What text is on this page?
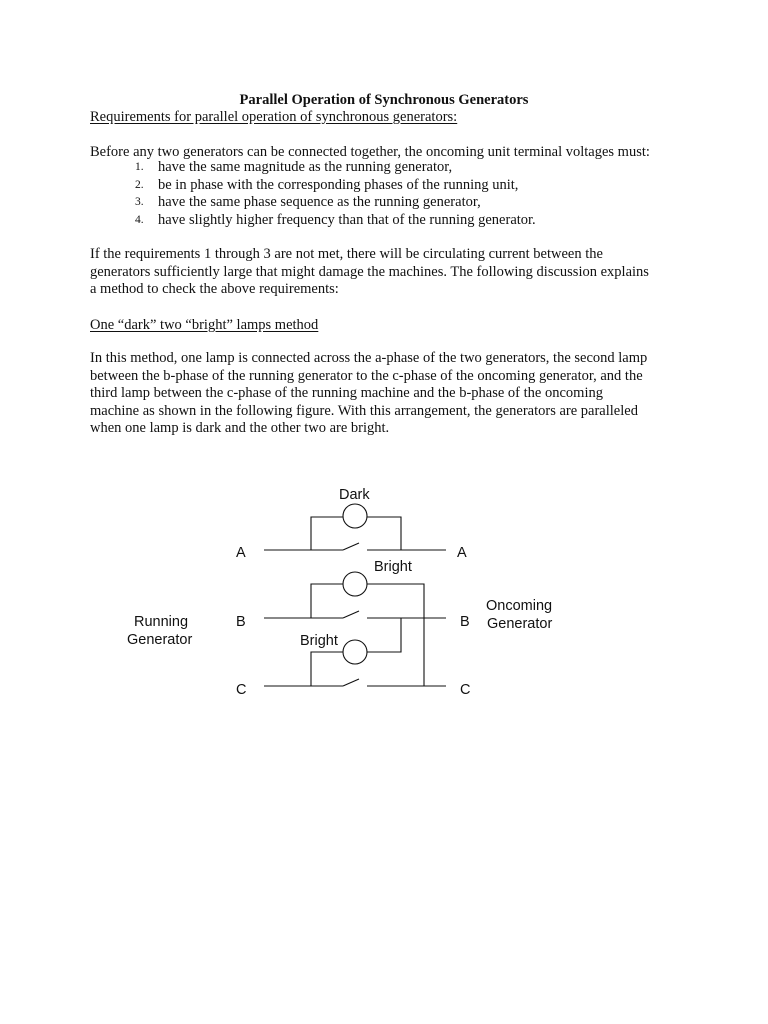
Parallel Operation of Synchronous Generators
Requirements for parallel operation of synchronous generators:
Before any two generators can be connected together, the oncoming unit terminal voltages must:
1. have the same magnitude as the running generator,
2. be in phase with the corresponding phases of the running unit,
3. have the same phase sequence as the running generator,
4. have slightly higher frequency than that of the running generator.
If the requirements 1 through 3 are not met, there will be circulating current between the
generators sufficiently large that might damage the machines. The following discussion explains
a method to check the above requirements:
One “dark” two “bright” lamps method
In this method, one lamp is connected across the a-phase of the two generators, the second lamp
between the b-phase of the running generator to the c-phase of the oncoming generator, and the
third lamp between the c-phase of the running machine and the b-phase of the oncoming
machine as shown in the following figure. With this arrangement, the generators are paralleled
when one lamp is dark and the other two are bright.
Dark
Bright
Bright
A
B
C
A
B
C
Running
Generator
Oncoming
Generator
